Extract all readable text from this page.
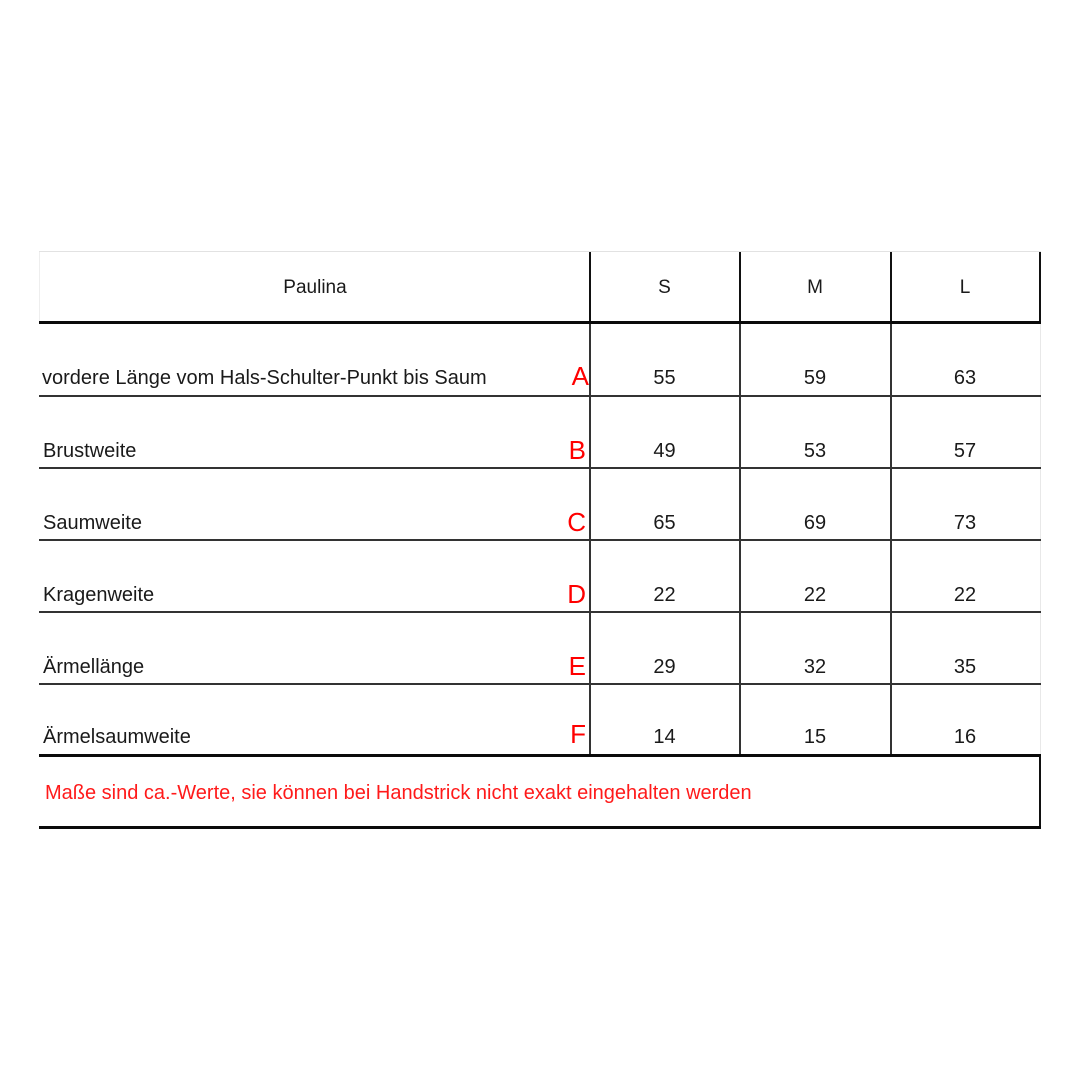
Paulina	S	M	L
vordere Länge vom Hals-Schulter-Punkt bis Saum	A	55	59	63
Brustweite	B	49	53	57
Saumweite	C	65	69	73
Kragenweite	D	22	22	22
Ärmellänge	E	29	32	35
Ärmelsaumweite	F	14	15	16
Maße sind ca.-Werte, sie können bei Handstrick nicht exakt eingehalten werden
